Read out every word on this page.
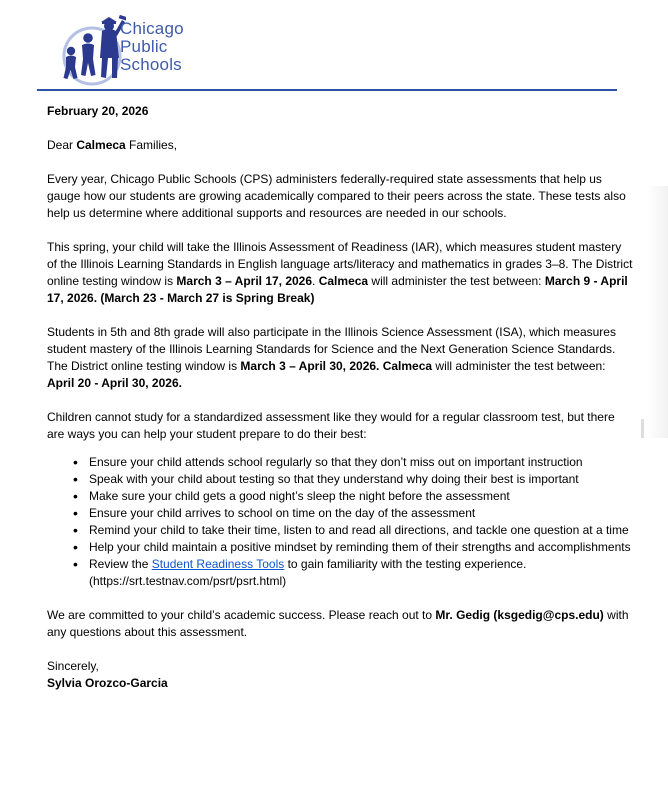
Chicago
Public
Schools

February 20, 2026

Dear Calmeca Families,

Every year, Chicago Public Schools (CPS) administers federally-required state assessments that help us gauge how our students are growing academically compared to their peers across the state. These tests also help us determine where additional supports and resources are needed in our schools.

This spring, your child will take the Illinois Assessment of Readiness (IAR), which measures student mastery of the Illinois Learning Standards in English language arts/literacy and mathematics in grades 3–8. The District online testing window is March 3 – April 17, 2026. Calmeca will administer the test between: March 9 - April 17, 2026. (March 23 - March 27 is Spring Break)

Students in 5th and 8th grade will also participate in the Illinois Science Assessment (ISA), which measures student mastery of the Illinois Learning Standards for Science and the Next Generation Science Standards. The District online testing window is March 3 – April 30, 2026. Calmeca will administer the test between: April 20 - April 30, 2026.

Children cannot study for a standardized assessment like they would for a regular classroom test, but there are ways you can help your student prepare to do their best:

• Ensure your child attends school regularly so that they don’t miss out on important instruction
• Speak with your child about testing so that they understand why doing their best is important
• Make sure your child gets a good night’s sleep the night before the assessment
• Ensure your child arrives to school on time on the day of the assessment
• Remind your child to take their time, listen to and read all directions, and tackle one question at a time
• Help your child maintain a positive mindset by reminding them of their strengths and accomplishments
• Review the Student Readiness Tools to gain familiarity with the testing experience. (https://srt.testnav.com/psrt/psrt.html)

We are committed to your child’s academic success. Please reach out to Mr. Gedig (ksgedig@cps.edu) with any questions about this assessment.

Sincerely,

Sylvia Orozco-Garcia
